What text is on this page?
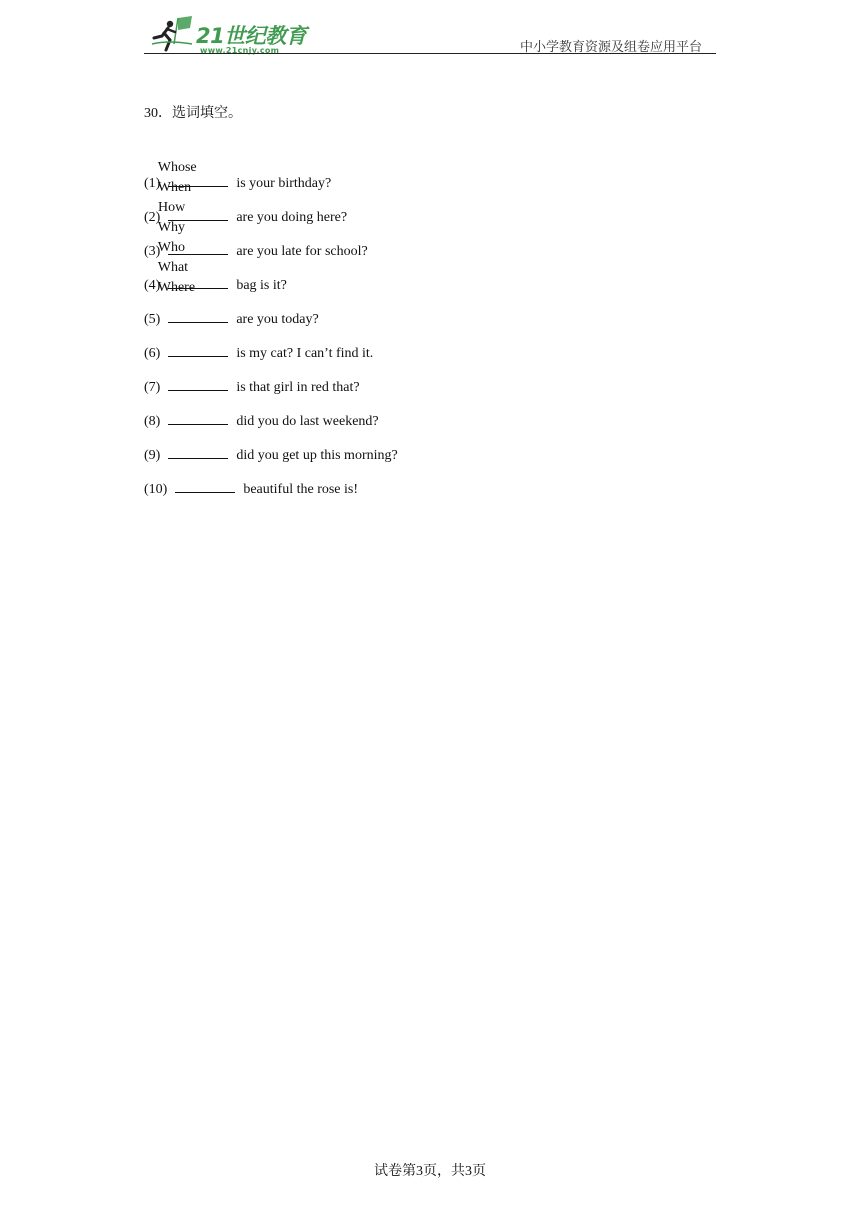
21世纪教育
www.21cnjy.com	中小学教育资源及组卷应用平台
30．选词填空。

Whose
When
How
Why
Who
What
Where

(1)	is your birthday?
(2)	are you doing here?
(3)	are you late for school?
(4)	bag is it?
(5)	are you today?
(6)	is my cat? I can’t find it.
(7)	is that girl in red that?
(8)	did you do last weekend?
(9)	did you get up this morning?
(10)	beautiful the rose is!
试卷第3页，共3页
